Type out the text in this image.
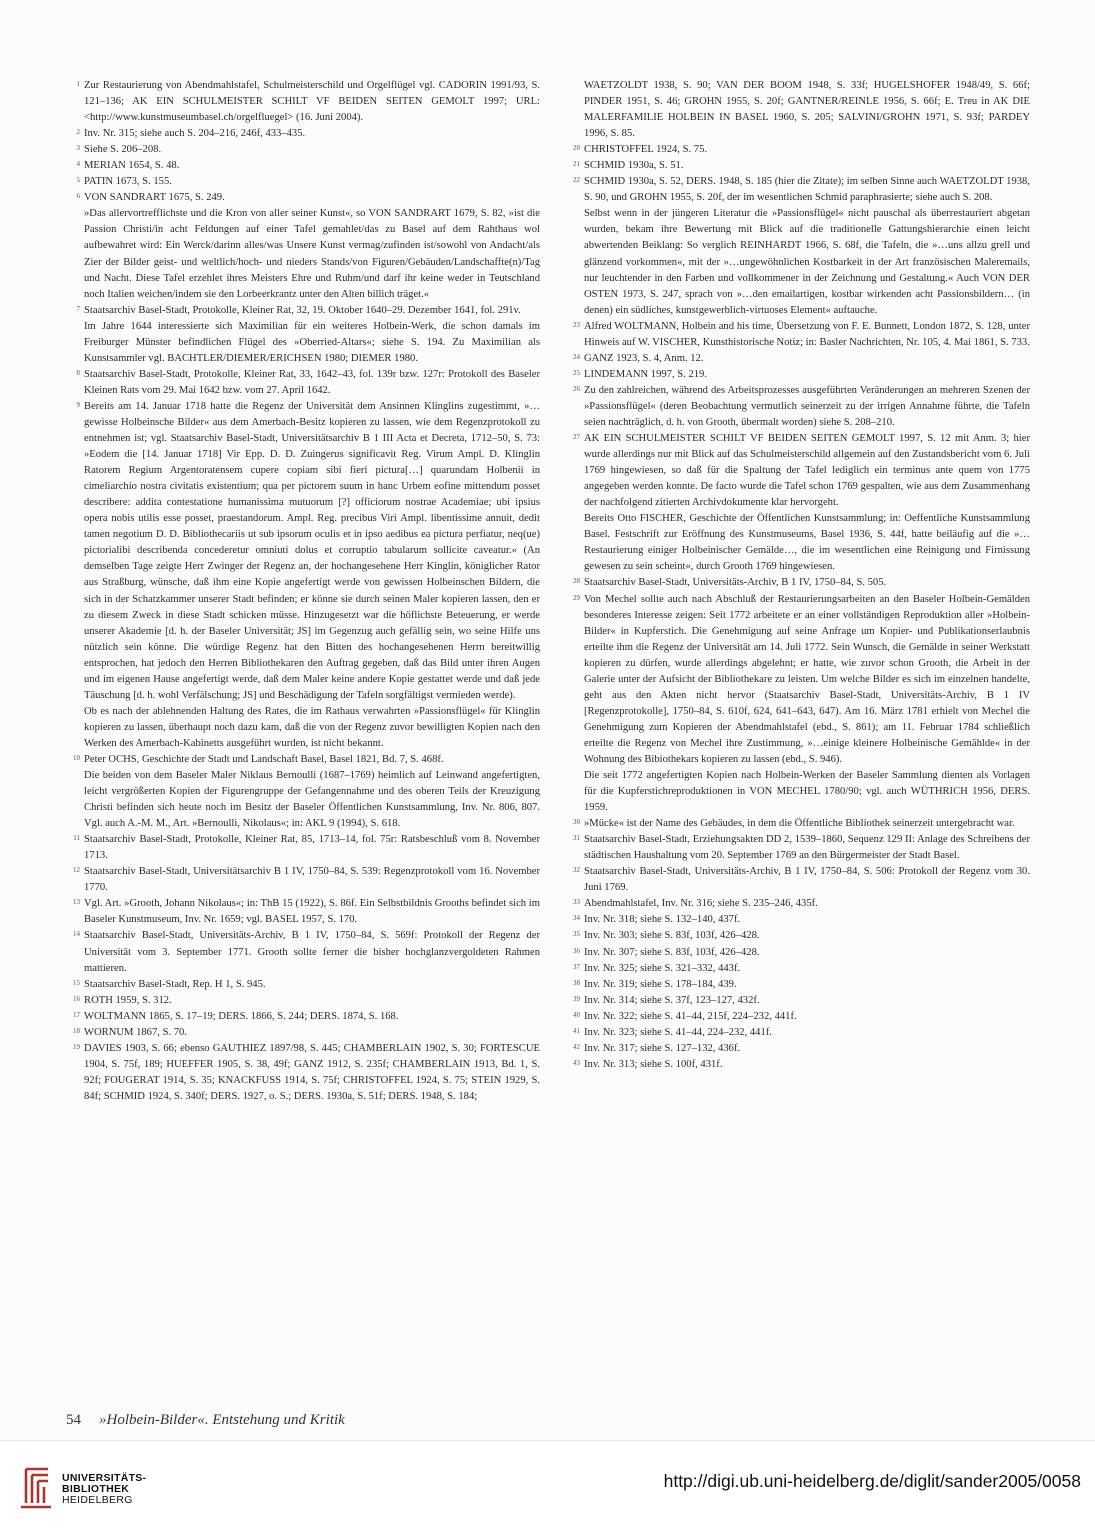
1 Zur Restaurierung von Abendmahlstafel, Schulmeisterschild und Orgelflügel vgl. CADORIN 1991/93, S. 121–136; AK EIN SCHULMEISTER SCHILT VF BEIDEN SEITEN GEMOLT 1997; URL: <http://www.kunstmuseumbasel.ch/orgelfluegel> (16. Juni 2004).

2 Inv. Nr. 315; siehe auch S. 204–216, 246f, 433–435.

3 Siehe S. 206–208.

4 MERIAN 1654, S. 48.

5 PATIN 1673, S. 155.

6 VON SANDRART 1675, S. 249.

»Das allervortrefflichste und die Kron von aller seiner Kunst«, so VON SANDRART 1679, S. 82, »ist die Passion Christi/in acht Feldungen auf einer Tafel gemahlet/das zu Basel auf dem Rahthaus wol aufbewahret wird: Ein Werck/darinn alles/was Unsere Kunst vermag/zufinden ist/sowohl von Andacht/als Zier der Bilder geist- und weltlich/hoch- und nieders Stands/von Figuren/Gebäuden/Landschaffte(n)/Tag und Nacht. Diese Tafel erzehlet ihres Meisters Ehre und Ruhm/und darf ihr keine weder in Teutschland noch Italien weichen/indem sie den Lorbeerkrantz unter den Alten billich träget.«

7 Staatsarchiv Basel-Stadt, Protokolle, Kleiner Rat, 32, 19. Oktober 1640–29. Dezember 1641, fol. 291v.

Im Jahre 1644 interessierte sich Maximilian für ein weiteres Holbein-Werk, die schon damals im Freiburger Münster befindlichen Flügel des »Oberried-Altars«; siehe S. 194. Zu Maximilian als Kunstsammler vgl. BACHTLER/DIEMER/ERICHSEN 1980; DIEMER 1980.

8 Staatsarchiv Basel-Stadt, Protokolle, Kleiner Rat, 33, 1642–43, fol. 139r bzw. 127r: Protokoll des Baseler Kleinen Rats vom 29. Mai 1642 bzw. vom 27. April 1642.

9 Bereits am 14. Januar 1718 hatte die Regenz der Universität dem Ansinnen Klinglins zugestimmt, »…gewisse Holbeinsche Bilder« aus dem Amerbach-Besitz kopieren zu lassen, wie dem Regenzprotokoll zu entnehmen ist; vgl. Staatsarchiv Basel-Stadt, Universitätsarchiv B 1 III Acta et Decreta, 1712–50, S. 73: »Eodem die [14. Januar 1718] Vir Epp. D. D. Zuingerus significavit Reg. Virum Ampl. D. Klinglin Ratorem Regium Argentoratensem cupere copiam sibi fieri pictura[…] quarundam Holbenii in cimeliarchio nostra civitatis existentium; qua per pictorem suum in hanc Urbem eofine mittendum posset describere: addita contestatione humanissima mutuorum [?] officiorum nostrae Academiae; ubi ipsius opera nobis utilis esse posset, praestandorum. Ampl. Reg. precibus Viri Ampl. libentissime annuit, dedit tamen negotium D. D. Bibliothecariis ut sub ipsorum oculis et in ipso aedibus ea pictura perfiatur, neq(ue) pictorialibi describenda concederetur omniuti dolus et corruptio tabularum sollicite caveatur.« (An demselben Tage zeigte Herr Zwinger der Regenz an, der hochangesehene Herr Kinglin, königlicher Rator aus Straßburg, wünsche, daß ihm eine Kopie angefertigt werde von gewissen Holbeinschen Bildern, die sich in der Schatzkammer unserer Stadt befinden; er könne sie durch seinen Maler kopieren lassen, den er zu diesem Zweck in diese Stadt schicken müsse. Hinzugesetzt war die höflichste Beteuerung, er werde unserer Akademie [d. h. der Baseler Universität; JS] im Gegenzug auch gefällig sein, wo seine Hilfe uns nützlich sein könne. Die würdige Regenz hat den Bitten des hochangesehenen Herrn bereitwillig entsprochen, hat jedoch den Herren Bibliothekaren den Auftrag gegeben, daß das Bild unter ihren Augen und im eigenen Hause angefertigt werde, daß dem Maler keine andere Kopie gestattet werde und daß jede Täuschung [d. h. wohl Verfälschung; JS] und Beschädigung der Tafeln sorgfältigst vermieden werde).

Ob es nach der ablehnenden Haltung des Rates, die im Rathaus verwahrten »Passionsflügel« für Klinglin kopieren zu lassen, überhaupt noch dazu kam, daß die von der Regenz zuvor bewilligten Kopien nach den Werken des Amerbach-Kabinetts ausgeführt wurden, ist nicht bekannt.

10 Peter OCHS, Geschichte der Stadt und Landschaft Basel, Basel 1821, Bd. 7, S. 468f.

Die beiden von dem Baseler Maler Niklaus Bernoulli (1687–1769) heimlich auf Leinwand angefertigten, leicht vergrößerten Kopien der Figurengruppe der Gefangennahme und des oberen Teils der Kreuzigung Christi befinden sich heute noch im Besitz der Baseler Öffentlichen Kunstsammlung, Inv. Nr. 806, 807. Vgl. auch A.-M. M., Art. »Bernoulli, Nikolaus«; in: AKL 9 (1994), S. 618.

11 Staatsarchiv Basel-Stadt, Protokolle, Kleiner Rat, 85, 1713–14, fol. 75r: Ratsbeschluß vom 8. November 1713.

12 Staatsarchiv Basel-Stadt, Universitätsarchiv B 1 IV, 1750–84, S. 539: Regenzprotokoll vom 16. November 1770.

13 Vgl. Art. »Grooth, Johann Nikolaus«; in: ThB 15 (1922), S. 86f. Ein Selbstbildnis Grooths befindet sich im Baseler Kunstmuseum, Inv. Nr. 1659; vgl. BASEL 1957, S. 170.

14 Staatsarchiv Basel-Stadt, Universitäts-Archiv, B 1 IV, 1750–84, S. 569f: Protokoll der Regenz der Universität vom 3. September 1771. Grooth sollte ferner die bisher hochglanzvergoldeten Rahmen mattieren.

15 Staatsarchiv Basel-Stadt, Rep. H 1, S. 945.

16 ROTH 1959, S. 312.

17 WOLTMANN 1865, S. 17–19; DERS. 1866, S. 244; DERS. 1874, S. 168.

18 WORNUM 1867, S. 70.

19 DAVIES 1903, S. 66; ebenso GAUTHIEZ 1897/98, S. 445; CHAMBERLAIN 1902, S. 30; FORTESCUE 1904, S. 75f, 189; HUEFFER 1905, S. 38, 49f; GANZ 1912, S. 235f; CHAMBERLAIN 1913, Bd. 1, S. 92f; FOUGERAT 1914, S. 35; KNACKFUSS 1914, S. 75f; CHRISTOFFEL 1924, S. 75; STEIN 1929, S. 84f; SCHMID 1924, S. 340f; DERS. 1927, o. S.; DERS. 1930a, S. 51f; DERS. 1948, S. 184;

WAETZOLDT 1938, S. 90; VAN DER BOOM 1948, S. 33f; HUGELSHOFER 1948/49, S. 66f; PINDER 1951, S. 46; GROHN 1955, S. 20f; GANTNER/REINLE 1956, S. 66f; E. Treu in AK DIE MALERFAMILIE HOLBEIN IN BASEL 1960, S. 205; SALVINI/GROHN 1971, S. 93f; PARDEY 1996, S. 85.

20 CHRISTOFFEL 1924, S. 75.

21 SCHMID 1930a, S. 51.

22 SCHMID 1930a, S. 52, DERS. 1948, S. 185 (hier die Zitate); im selben Sinne auch WAETZOLDT 1938, S. 90, und GROHN 1955, S. 20f, der im wesentlichen Schmid paraphrasierte; siehe auch S. 208.

Selbst wenn in der jüngeren Literatur die »Passionsflügel« nicht pauschal als überrestauriert abgetan wurden, bekam ihre Bewertung mit Blick auf die traditionelle Gattungshierarchie einen leicht abwertenden Beiklang: So verglich REINHARDT 1966, S. 68f, die Tafeln, die »…uns allzu grell und glänzend vorkommen«, mit der »…ungewöhnlichen Kostbarkeit in der Art französischen Maleremails, nur leuchtender in den Farben und vollkommener in der Zeichnung und Gestaltung.« Auch VON DER OSTEN 1973, S. 247, sprach von »…den emailartigen, kostbar wirkenden acht Passionsbildern… (in denen) ein südliches, kunstgewerblich-virtuoses Element« auftauche.

23 Alfred WOLTMANN, Holbein and his time, Übersetzung von F. E. Bunnett, London 1872, S. 128, unter Hinweis auf W. VISCHER, Kunsthistorische Notiz; in: Basler Nachrichten, Nr. 105, 4. Mai 1861, S. 733.

24 GANZ 1923, S. 4, Anm. 12.

25 LINDEMANN 1997, S. 219.

26 Zu den zahlreichen, während des Arbeitsprozesses ausgeführten Veränderungen an mehreren Szenen der »Passionsflügel« (deren Beobachtung vermutlich seinerzeit zu der irrigen Annahme führte, die Tafeln seien nachträglich, d. h. von Grooth, übermalt worden) siehe S. 208–210.

27 AK EIN SCHULMEISTER SCHILT VF BEIDEN SEITEN GEMOLT 1997, S. 12 mit Anm. 3; hier wurde allerdings nur mit Blick auf das Schulmeisterschild allgemein auf den Zustandsbericht vom 6. Juli 1769 hingewiesen, so daß für die Spaltung der Tafel lediglich ein terminus ante quem von 1775 angegeben werden konnte. De facto wurde die Tafel schon 1769 gespalten, wie aus dem Zusammenhang der nachfolgend zitierten Archivdokumente klar hervorgeht.

Bereits Otto FISCHER, Geschichte der Öffentlichen Kunstsammlung; in: Oeffentliche Kunstsammlung Basel. Festschrift zur Eröffnung des Kunstmuseums, Basel 1936, S. 44f, hatte beiläufig auf die »…Restaurierung einiger Holbeinischer Gemälde…, die im wesentlichen eine Reinigung und Firnissung gewesen zu sein scheint«, durch Grooth 1769 hingewiesen.

28 Staatsarchiv Basel-Stadt, Universitäts-Archiv, B 1 IV, 1750–84, S. 505.

29 Von Mechel sollte auch nach Abschluß der Restaurierungsarbeiten an den Baseler Holbein-Gemälden besonderes Interesse zeigen: Seit 1772 arbeitete er an einer vollständigen Reproduktion aller »Holbein-Bilder« in Kupferstich. Die Genehmigung auf seine Anfrage um Kopier- und Publikationserlaubnis erteilte ihm die Regenz der Universität am 14. Juli 1772. Sein Wunsch, die Gemälde in seiner Werkstatt kopieren zu dürfen, wurde allerdings abgelehnt; er hatte, wie zuvor schon Grooth, die Arbeit in der Galerie unter der Aufsicht der Bibliothekare zu leisten. Um welche Bilder es sich im einzelnen handelte, geht aus den Akten nicht hervor (Staatsarchiv Basel-Stadt, Universitäts-Archiv, B 1 IV [Regenzprotokolle], 1750–84, S. 610f, 624, 641–643, 647). Am 16. März 1781 erhielt von Mechel die Genehmigung zum Kopieren der Abendmahlstafel (ebd., S. 861); am 11. Februar 1784 schließlich erteilte die Regenz von Mechel ihre Zustimmung, »…einige kleinere Holbeinische Gemählde« in der Wohnung des Bibiothekars kopieren zu lassen (ebd., S. 946).

Die seit 1772 angefertigten Kopien nach Holbein-Werken der Baseler Sammlung dienten als Vorlagen für die Kupferstichreproduktionen in VON MECHEL 1780/90; vgl. auch WÜTHRICH 1956, DERS. 1959.

30 »Mücke« ist der Name des Gebäudes, in dem die Öffentliche Bibliothek seinerzeit untergebracht war.

31 Staatsarchiv Basel-Stadt, Erziehungsakten DD 2, 1539–1860, Sequenz 129 II: Anlage des Schreibens der städtischen Haushaltung vom 20. September 1769 an den Bürgermeister der Stadt Basel.

32 Staatsarchiv Basel-Stadt, Universitäts-Archiv, B 1 IV, 1750–84, S. 506: Protokoll der Regenz vom 30. Juni 1769.

33 Abendmahlstafel, Inv. Nr. 316; siehe S. 235–246, 435f.

34 Inv. Nr. 318; siehe S. 132–140, 437f.

35 Inv. Nr. 303; siehe S. 83f, 103f, 426–428.

36 Inv. Nr. 307; siehe S. 83f, 103f, 426–428.

37 Inv. Nr. 325; siehe S. 321–332, 443f.

38 Inv. Nr. 319; siehe S. 178–184, 439.

39 Inv. Nr. 314; siehe S. 37f, 123–127, 432f.

40 Inv. Nr. 322; siehe S. 41–44, 215f, 224–232, 441f.

41 Inv. Nr. 323; siehe S. 41–44, 224–232, 441f.

42 Inv. Nr. 317; siehe S. 127–132, 436f.

43 Inv. Nr. 313; siehe S. 100f, 431f.

54 »Holbein-Bilder«. Entstehung und Kritik
UNIVERSITÄTS-
BIBLIOTHEK
HEIDELBERG
http://digi.ub.uni-heidelberg.de/diglit/sander2005/0058
